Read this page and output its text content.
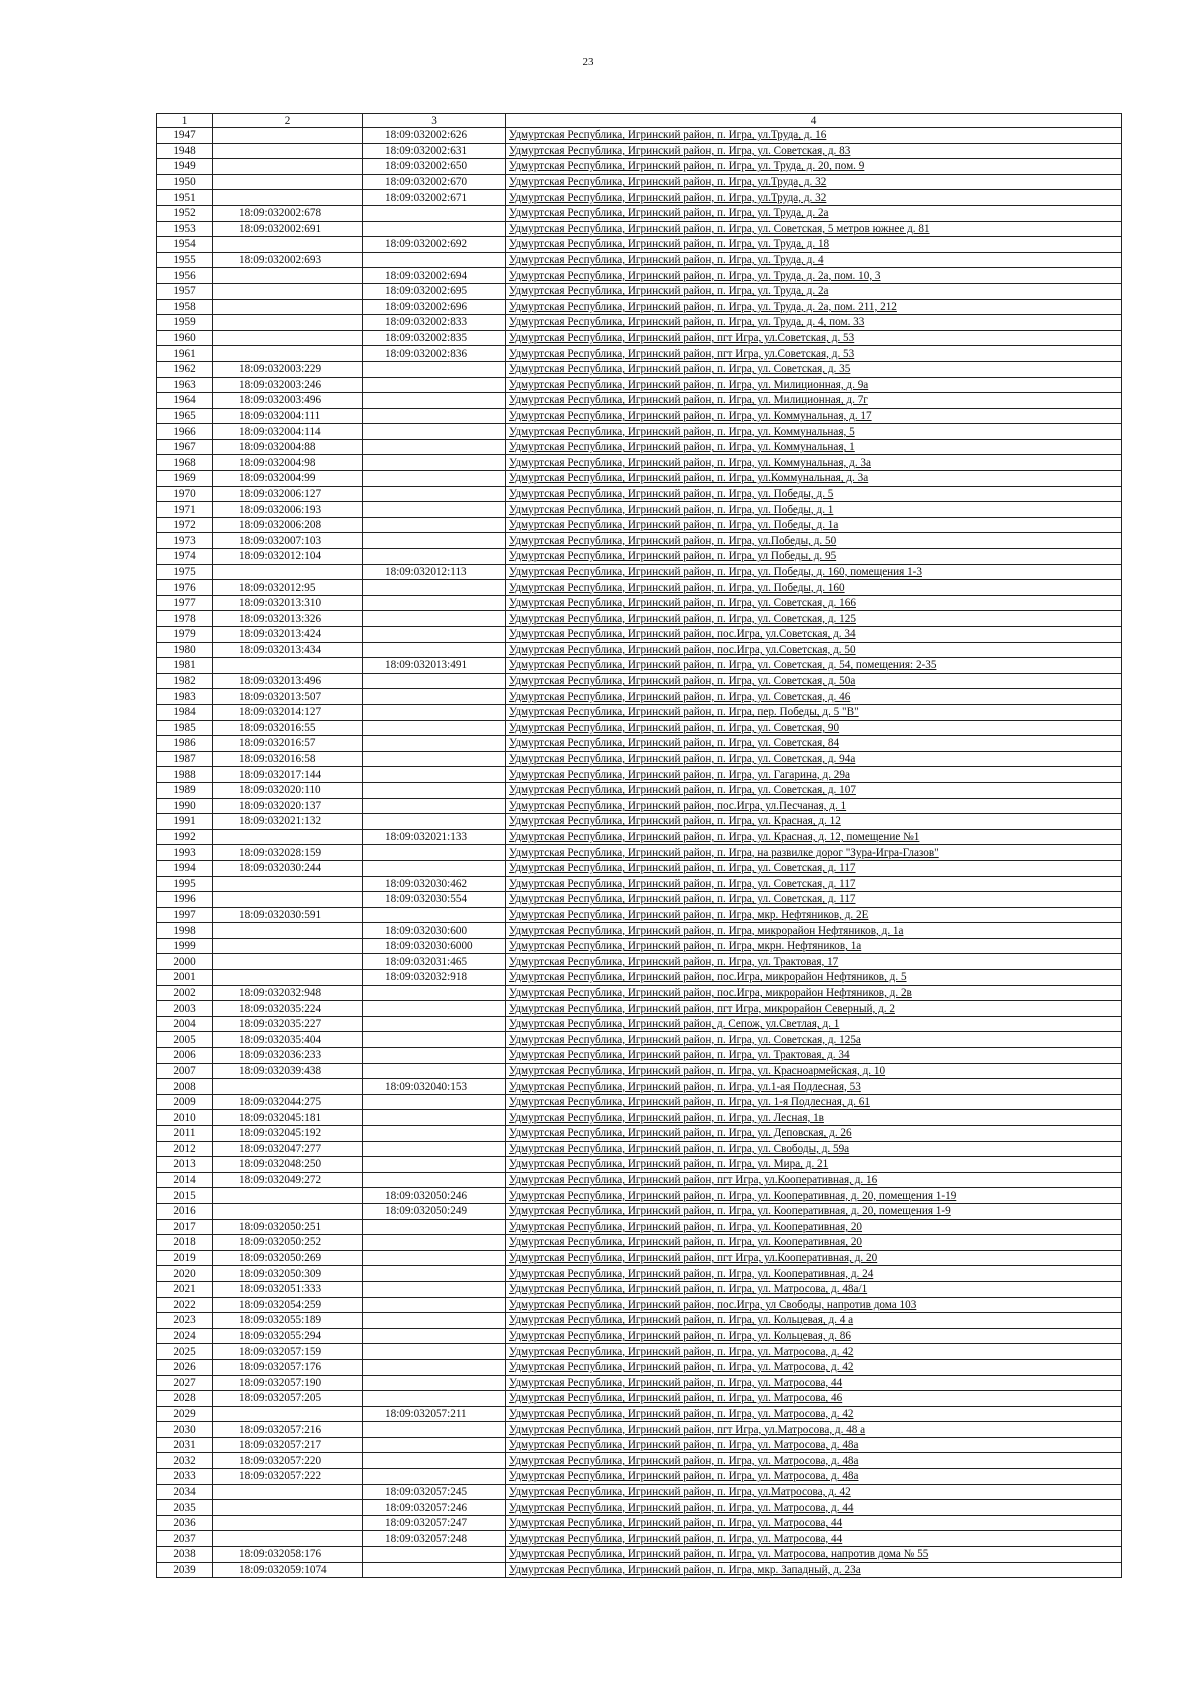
23
1	2	3	4
1947		18:09:032002:626	Удмуртская Республика, Игринский район, п. Игра, ул.Труда, д. 16
1948		18:09:032002:631	Удмуртская Республика, Игринский район, п. Игра, ул. Советская, д. 83
1949		18:09:032002:650	Удмуртская Республика, Игринский район, п. Игра, ул. Труда, д. 20, пом. 9
1950		18:09:032002:670	Удмуртская Республика, Игринский район, п. Игра, ул.Труда, д. 32
1951		18:09:032002:671	Удмуртская Республика, Игринский район, п. Игра, ул.Труда, д. 32
1952	18:09:032002:678		Удмуртская Республика, Игринский район, п. Игра, ул. Труда, д. 2а
1953	18:09:032002:691		Удмуртская Республика, Игринский район, п. Игра, ул. Советская, 5 метров южнее д. 81
1954		18:09:032002:692	Удмуртская Республика, Игринский район, п. Игра, ул. Труда, д. 18
1955	18:09:032002:693		Удмуртская Республика, Игринский район, п. Игра, ул. Труда, д. 4
1956		18:09:032002:694	Удмуртская Республика, Игринский район, п. Игра, ул. Труда, д. 2а, пом. 10, 3
1957		18:09:032002:695	Удмуртская Республика, Игринский район, п. Игра, ул. Труда, д. 2а
1958		18:09:032002:696	Удмуртская Республика, Игринский район, п. Игра, ул. Труда, д. 2а, пом. 211, 212
1959		18:09:032002:833	Удмуртская Республика, Игринский район, п. Игра, ул. Труда, д. 4, пом. 33
1960		18:09:032002:835	Удмуртская Республика, Игринский район, пгт Игра, ул.Советская, д. 53
1961		18:09:032002:836	Удмуртская Республика, Игринский район, пгт Игра, ул.Советская, д. 53
1962	18:09:032003:229		Удмуртская Республика, Игринский район, п. Игра, ул. Советская, д. 35
1963	18:09:032003:246		Удмуртская Республика, Игринский район, п. Игра, ул. Милиционная, д. 9а
1964	18:09:032003:496		Удмуртская Республика, Игринский район, п. Игра, ул. Милиционная, д. 7г
1965	18:09:032004:111		Удмуртская Республика, Игринский район, п. Игра, ул. Коммунальная, д. 17
1966	18:09:032004:114		Удмуртская Республика, Игринский район, п. Игра, ул. Коммунальная, 5
1967	18:09:032004:88		Удмуртская Республика, Игринский район, п. Игра, ул. Коммунальная, 1
1968	18:09:032004:98		Удмуртская Республика, Игринский район, п. Игра, ул. Коммунальная, д. 3а
1969	18:09:032004:99		Удмуртская Республика, Игринский район, п. Игра, ул.Коммунальная, д. 3а
1970	18:09:032006:127		Удмуртская Республика, Игринский район, п. Игра, ул. Победы, д. 5
1971	18:09:032006:193		Удмуртская Республика, Игринский район, п. Игра, ул. Победы, д. 1
1972	18:09:032006:208		Удмуртская Республика, Игринский район, п. Игра, ул. Победы, д. 1а
1973	18:09:032007:103		Удмуртская Республика, Игринский район, п. Игра, ул.Победы, д. 50
1974	18:09:032012:104		Удмуртская Республика, Игринский район, п. Игра, ул Победы, д. 95
1975		18:09:032012:113	Удмуртская Республика, Игринский район, п. Игра, ул. Победы, д. 160, помещения 1-3
1976	18:09:032012:95		Удмуртская Республика, Игринский район, п. Игра, ул. Победы, д. 160
1977	18:09:032013:310		Удмуртская Республика, Игринский район, п. Игра, ул. Советская, д. 166
1978	18:09:032013:326		Удмуртская Республика, Игринский район, п. Игра, ул. Советская, д. 125
1979	18:09:032013:424		Удмуртская Республика, Игринский район, пос.Игра, ул.Советская, д. 34
1980	18:09:032013:434		Удмуртская Республика, Игринский район, пос.Игра, ул.Советская, д. 50
1981		18:09:032013:491	Удмуртская Республика, Игринский район, п. Игра, ул. Советская, д. 54, помещения: 2-35
1982	18:09:032013:496		Удмуртская Республика, Игринский район, п. Игра, ул. Советская, д. 50а
1983	18:09:032013:507		Удмуртская Республика, Игринский район, п. Игра, ул. Советская, д. 46
1984	18:09:032014:127		Удмуртская Республика, Игринский район, п. Игра, пер. Победы, д. 5 "В"
1985	18:09:032016:55		Удмуртская Республика, Игринский район, п. Игра, ул. Советская, 90
1986	18:09:032016:57		Удмуртская Республика, Игринский район, п. Игра, ул. Советская, 84
1987	18:09:032016:58		Удмуртская Республика, Игринский район, п. Игра, ул. Советская, д. 94а
1988	18:09:032017:144		Удмуртская Республика, Игринский район, п. Игра, ул. Гагарина, д. 29а
1989	18:09:032020:110		Удмуртская Республика, Игринский район, п. Игра, ул. Советская, д. 107
1990	18:09:032020:137		Удмуртская Республика, Игринский район, пос.Игра, ул.Песчаная, д. 1
1991	18:09:032021:132		Удмуртская Республика, Игринский район, п. Игра, ул. Красная, д. 12
1992		18:09:032021:133	Удмуртская Республика, Игринский район, п. Игра, ул. Красная, д. 12, помещение №1
1993	18:09:032028:159		Удмуртская Республика, Игринский район, п. Игра, на развилке дорог "Зура-Игра-Глазов"
1994	18:09:032030:244		Удмуртская Республика, Игринский район, п. Игра, ул. Советская, д. 117
1995		18:09:032030:462	Удмуртская Республика, Игринский район, п. Игра, ул. Советская, д. 117
1996		18:09:032030:554	Удмуртская Республика, Игринский район, п. Игра, ул. Советская, д. 117
1997	18:09:032030:591		Удмуртская Республика, Игринский район, п. Игра, мкр. Нефтяников, д. 2Е
1998		18:09:032030:600	Удмуртская Республика, Игринский район, п. Игра, микрорайон Нефтяников, д. 1а
1999		18:09:032030:6000	Удмуртская Республика, Игринский район, п. Игра, мкрн. Нефтяников, 1а
2000		18:09:032031:465	Удмуртская Республика, Игринский район, п. Игра, ул. Трактовая, 17
2001		18:09:032032:918	Удмуртская Республика, Игринский район, пос.Игра, микрорайон Нефтяников, д. 5
2002	18:09:032032:948		Удмуртская Республика, Игринский район, пос.Игра, микрорайон Нефтяников, д. 2в
2003	18:09:032035:224		Удмуртская Республика, Игринский район, пгт Игра, микрорайон Северный, д. 2
2004	18:09:032035:227		Удмуртская Республика, Игринский район, д. Сепож, ул.Светлая, д. 1
2005	18:09:032035:404		Удмуртская Республика, Игринский район, п. Игра, ул. Советская, д. 125а
2006	18:09:032036:233		Удмуртская Республика, Игринский район, п. Игра, ул. Трактовая, д. 34
2007	18:09:032039:438		Удмуртская Республика, Игринский район, п. Игра, ул. Красноармейская, д. 10
2008		18:09:032040:153	Удмуртская Республика, Игринский район, п. Игра, ул.1-ая Подлесная, 53
2009	18:09:032044:275		Удмуртская Республика, Игринский район, п. Игра, ул. 1-я Подлесная, д. 61
2010	18:09:032045:181		Удмуртская Республика, Игринский район, п. Игра, ул. Лесная, 1в
2011	18:09:032045:192		Удмуртская Республика, Игринский район, п. Игра, ул. Деповская, д. 26
2012	18:09:032047:277		Удмуртская Республика, Игринский район, п. Игра, ул. Свободы, д. 59а
2013	18:09:032048:250		Удмуртская Республика, Игринский район, п. Игра, ул. Мира, д. 21
2014	18:09:032049:272		Удмуртская Республика, Игринский район, пгт Игра, ул.Кооперативная, д. 16
2015		18:09:032050:246	Удмуртская Республика, Игринский район, п. Игра, ул. Кооперативная, д. 20, помещения 1-19
2016		18:09:032050:249	Удмуртская Республика, Игринский район, п. Игра, ул. Кооперативная, д. 20, помещения 1-9
2017	18:09:032050:251		Удмуртская Республика, Игринский район, п. Игра, ул. Кооперативная, 20
2018	18:09:032050:252		Удмуртская Республика, Игринский район, п. Игра, ул. Кооперативная, 20
2019	18:09:032050:269		Удмуртская Республика, Игринский район, пгт Игра, ул.Кооперативная, д. 20
2020	18:09:032050:309		Удмуртская Республика, Игринский район, п. Игра, ул. Кооперативная, д. 24
2021	18:09:032051:333		Удмуртская Республика, Игринский район, п. Игра, ул. Матросова, д. 48а/1
2022	18:09:032054:259		Удмуртская Республика, Игринский район, пос.Игра, ул Свободы, напротив дома 103
2023	18:09:032055:189		Удмуртская Республика, Игринский район, п. Игра, ул. Кольцевая, д. 4 а
2024	18:09:032055:294		Удмуртская Республика, Игринский район, п. Игра, ул. Кольцевая, д. 86
2025	18:09:032057:159		Удмуртская Республика, Игринский район, п. Игра, ул. Матросова, д. 42
2026	18:09:032057:176		Удмуртская Республика, Игринский район, п. Игра, ул. Матросова, д. 42
2027	18:09:032057:190		Удмуртская Республика, Игринский район, п. Игра, ул. Матросова, 44
2028	18:09:032057:205		Удмуртская Республика, Игринский район, п. Игра, ул. Матросова, 46
2029		18:09:032057:211	Удмуртская Республика, Игринский район, п. Игра, ул. Матросова, д. 42
2030	18:09:032057:216		Удмуртская Республика, Игринский район, пгт Игра, ул.Матросова, д. 48 а
2031	18:09:032057:217		Удмуртская Республика, Игринский район, п. Игра, ул. Матросова, д. 48а
2032	18:09:032057:220		Удмуртская Республика, Игринский район, п. Игра, ул. Матросова, д. 48а
2033	18:09:032057:222		Удмуртская Республика, Игринский район, п. Игра, ул. Матросова, д. 48а
2034		18:09:032057:245	Удмуртская Республика, Игринский район, п. Игра, ул.Матросова, д. 42
2035		18:09:032057:246	Удмуртская Республика, Игринский район, п. Игра, ул. Матросова, д. 44
2036		18:09:032057:247	Удмуртская Республика, Игринский район, п. Игра, ул. Матросова, 44
2037		18:09:032057:248	Удмуртская Республика, Игринский район, п. Игра, ул. Матросова, 44
2038	18:09:032058:176		Удмуртская Республика, Игринский район, п. Игра, ул. Матросова, напротив дома № 55
2039	18:09:032059:1074		Удмуртская Республика, Игринский район, п. Игра, мкр. Западный, д. 23а
